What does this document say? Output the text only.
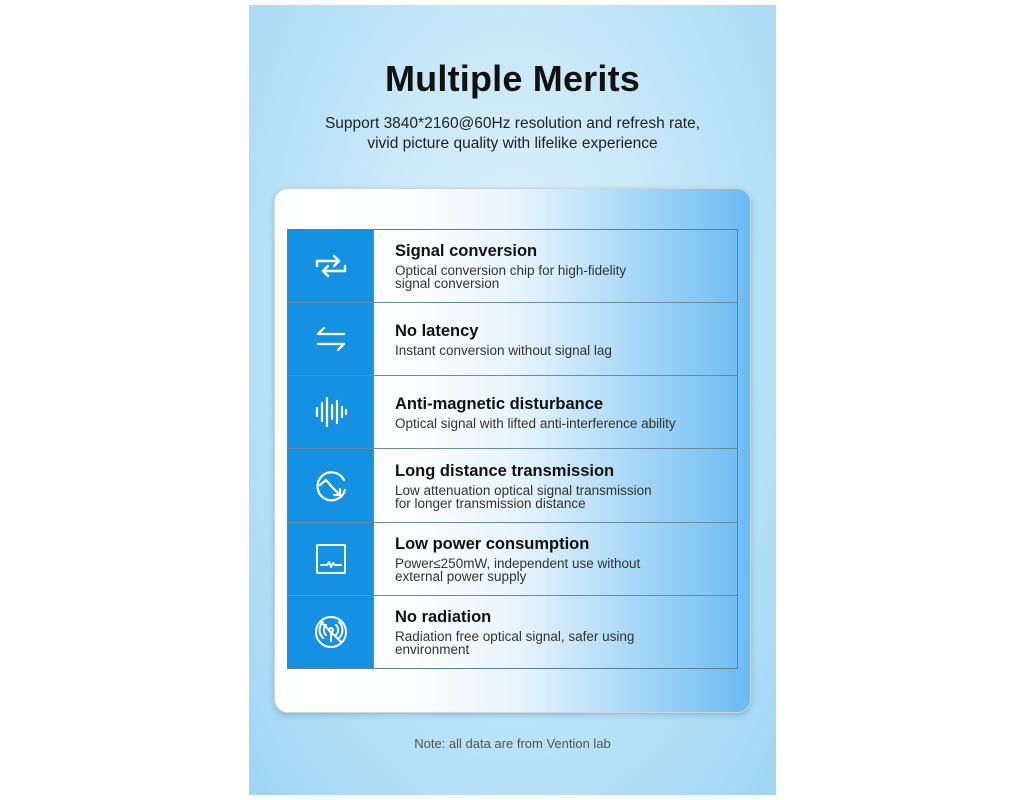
Multiple Merits
Support 3840*2160@60Hz resolution and refresh rate,
vivid picture quality with lifelike experience
Note: all data are from Vention lab
Signal conversion
Optical conversion chip for high-fidelity
signal conversion
No latency
Instant conversion without signal lag
Anti-magnetic disturbance
Optical signal with lifted anti-interference ability
Long distance transmission
Low attenuation optical signal transmission
for longer transmission distance
Low power consumption
Power≤250mW, independent use without
external power supply
No radiation
Radiation free optical signal, safer using
environment
